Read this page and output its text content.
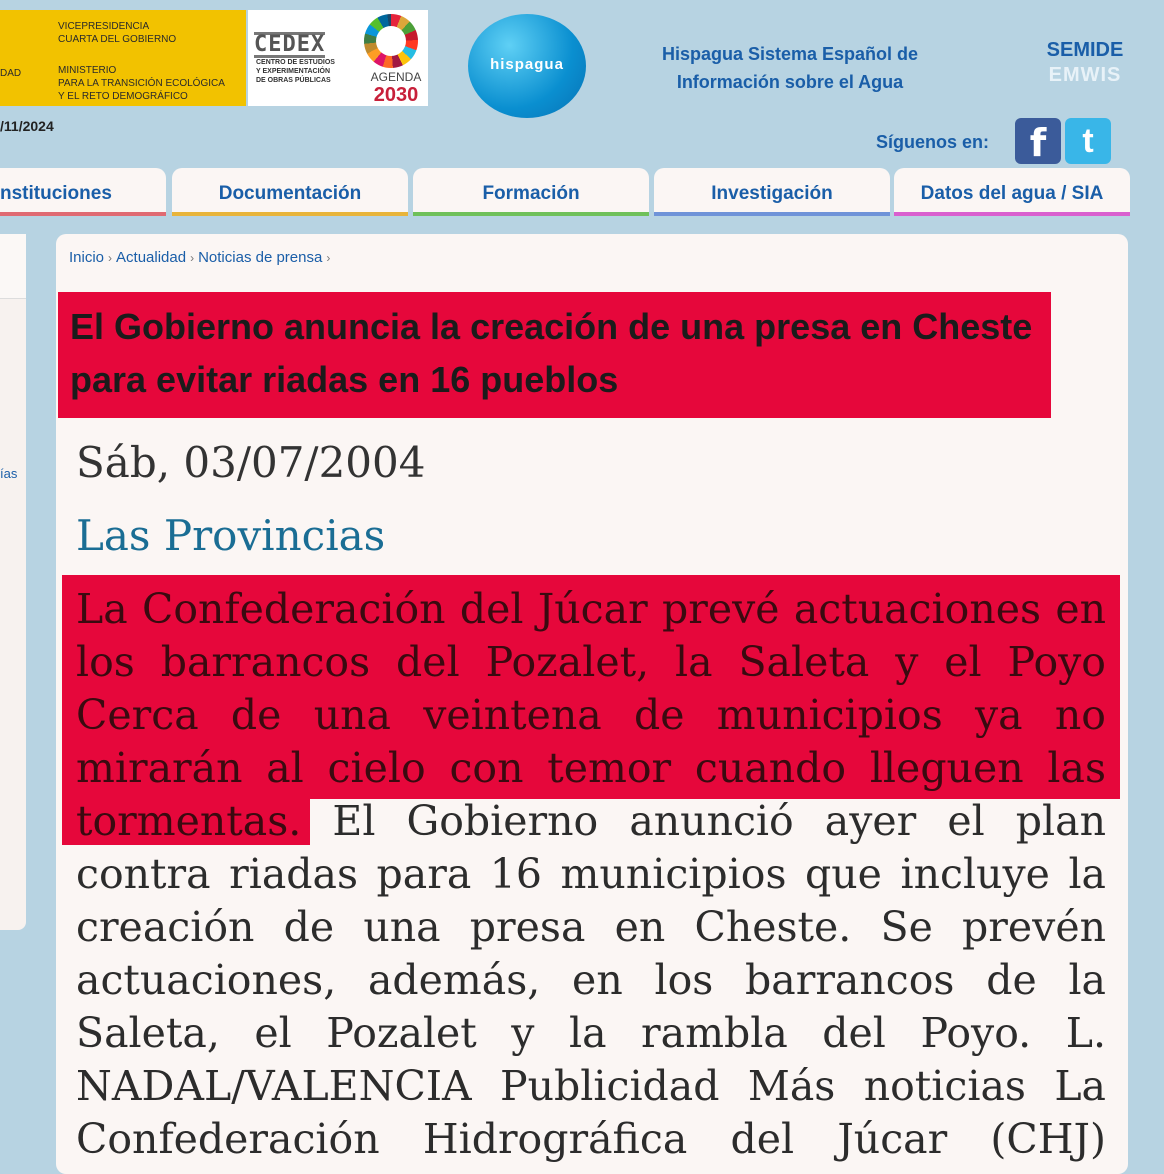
VICEPRESIDENCIA
CUARTA DEL GOBIERNO
DAD	MINISTERIO
PARA LA TRANSICIÓN ECOLÓGICA
Y EL RETO DEMOGRÁFICO
CEDEX
CENTRO DE ESTUDIOS
Y EXPERIMENTACIÓN
DE OBRAS PÚBLICAS	AGENDA
2030
hispagua
Hispagua Sistema Español de
Información sobre el Agua
SEMIDE
EMWIS
/11/2024
Síguenos en:	f	t
nstituciones	Documentación	Formación	Investigación	Datos del agua / SIA
ías
Inicio › Actualidad › Noticias de prensa ›
El Gobierno anuncia la creación de una presa en Cheste para evitar riadas en 16 pueblos
Sáb, 03/07/2004
Las Provincias
La Confederación del Júcar prevé actuaciones en los barrancos del Pozalet, la Saleta y el Poyo Cerca de una veintena de municipios ya no mirarán al cielo con temor cuando lleguen las tormentas. El Gobierno anunció ayer el plan contra riadas para 16 municipios que incluye la creación de una presa en Cheste. Se prevén actuaciones, además, en los barrancos de la Saleta, el Pozalet y la rambla del Poyo. L. NADAL/VALENCIA Publicidad Más noticias La Confederación Hidrográfica del Júcar (CHJ)
